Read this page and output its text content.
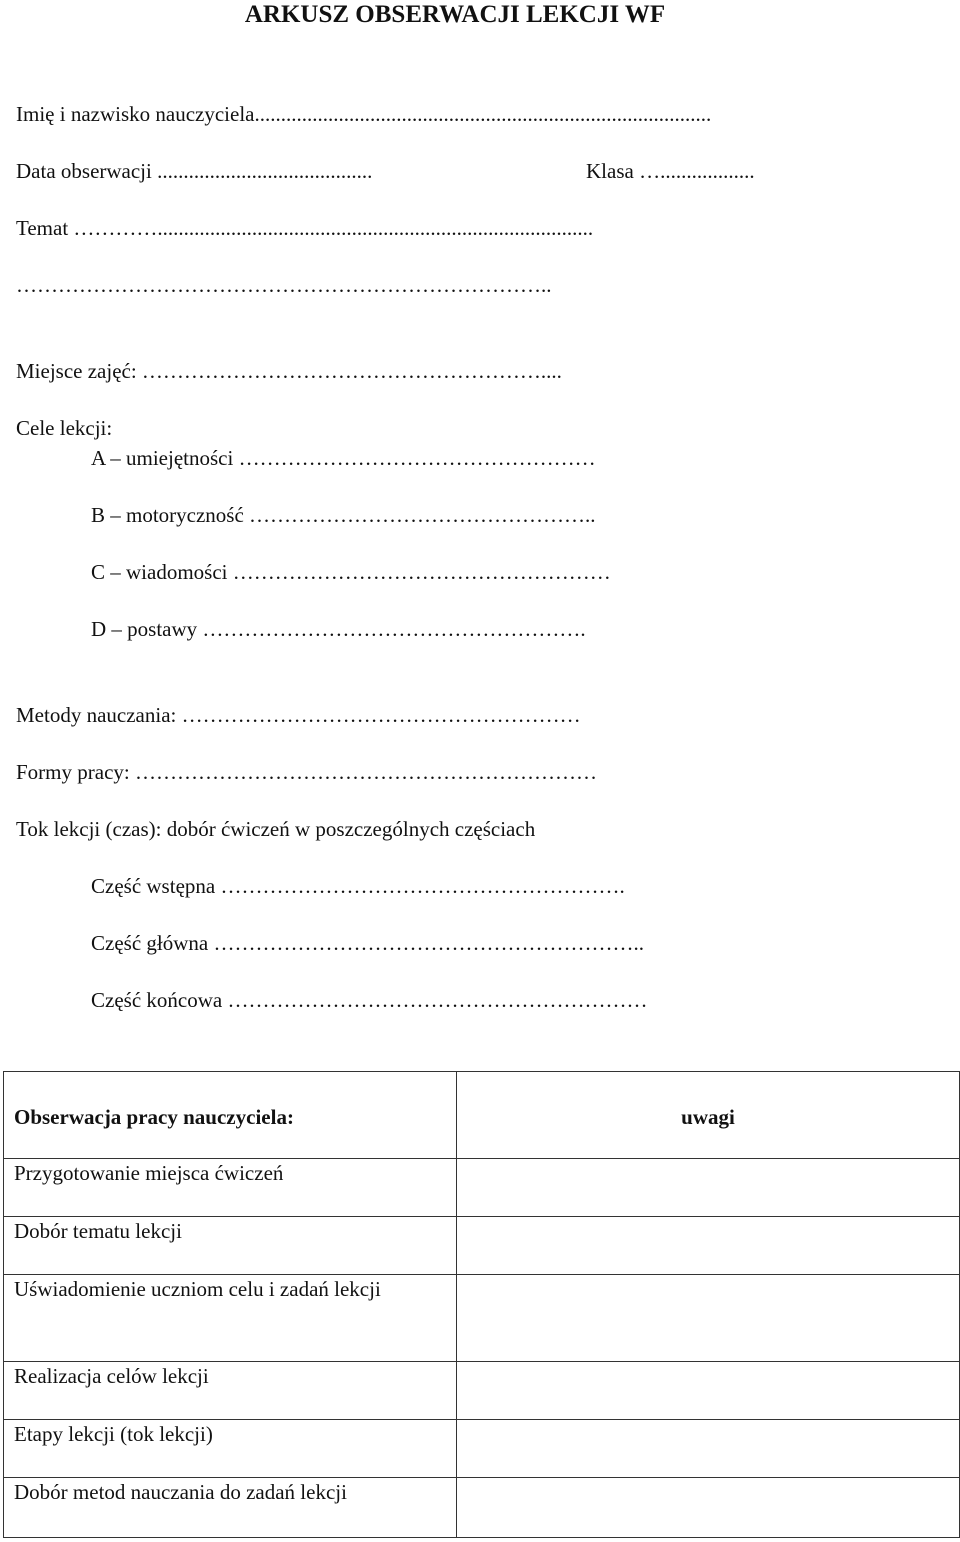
ARKUSZ OBSERWACJI LEKCJI WF
Imię i nazwisko nauczyciela.......................................................................................
Data obserwacji .........................................	Klasa …..................
Temat …………...................................................................................
…………………………………………………………………..
Miejsce zajęć: …………………………………………………....
Cele lekcji:
A – umiejętności ……………………………………………
B – motoryczność …………………………………………..
C – wiadomości ………………………………………………
D – postawy ……………………………………………….
Metody nauczania: …………………………………………………
Formy pracy: …………………………………………………………
Tok lekcji (czas): dobór ćwiczeń w poszczególnych częściach
Część wstępna ………………………………………………….
Część główna ……………………………………………………..
Część końcowa ……………………………………………………
Obserwacja pracy nauczyciela:	uwagi
Przygotowanie miejsca ćwiczeń	
Dobór tematu lekcji	
Uświadomienie uczniom celu i zadań lekcji	
Realizacja celów lekcji	
Etapy lekcji (tok lekcji)	
Dobór metod nauczania do zadań lekcji	
